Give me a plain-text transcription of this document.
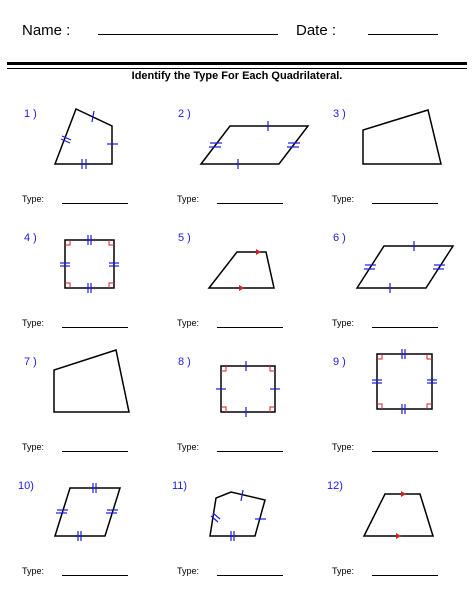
Name :	Date :
Identify the Type For Each Quadrilateral.
1 )	2 )	3 )
4 )	5 )	6 )
7 )	8 )	9 )
10)	11)	12)
Type:	Type:	Type:
Type:	Type:	Type:
Type:	Type:	Type:
Type:	Type:	Type:
